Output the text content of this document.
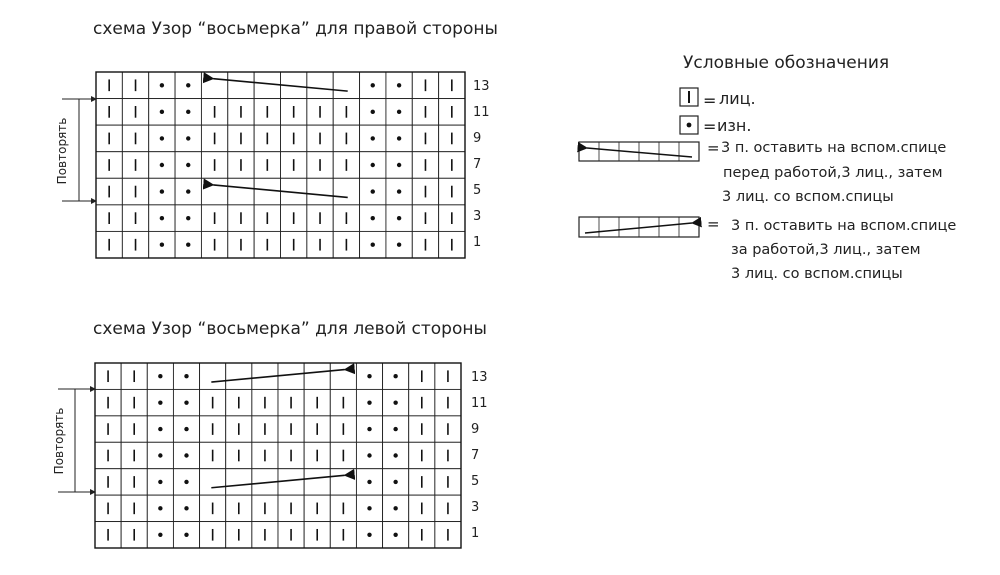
схема Узор “восьмерка” для правой стороны
13
11
9
7
5
3
1
Повторять
схема Узор “восьмерка” для левой стороны
13
11
9
7
5
3
1
Повторять
Условные обозначения
= лиц.
= изн.
= 3 п. оставить на вспом.спице
перед работой,3 лиц., затем
3 лиц. со вспом.спицы
= 3 п. оставить на вспом.спице
за работой,3 лиц., затем
3 лиц. со вспом.спицы
